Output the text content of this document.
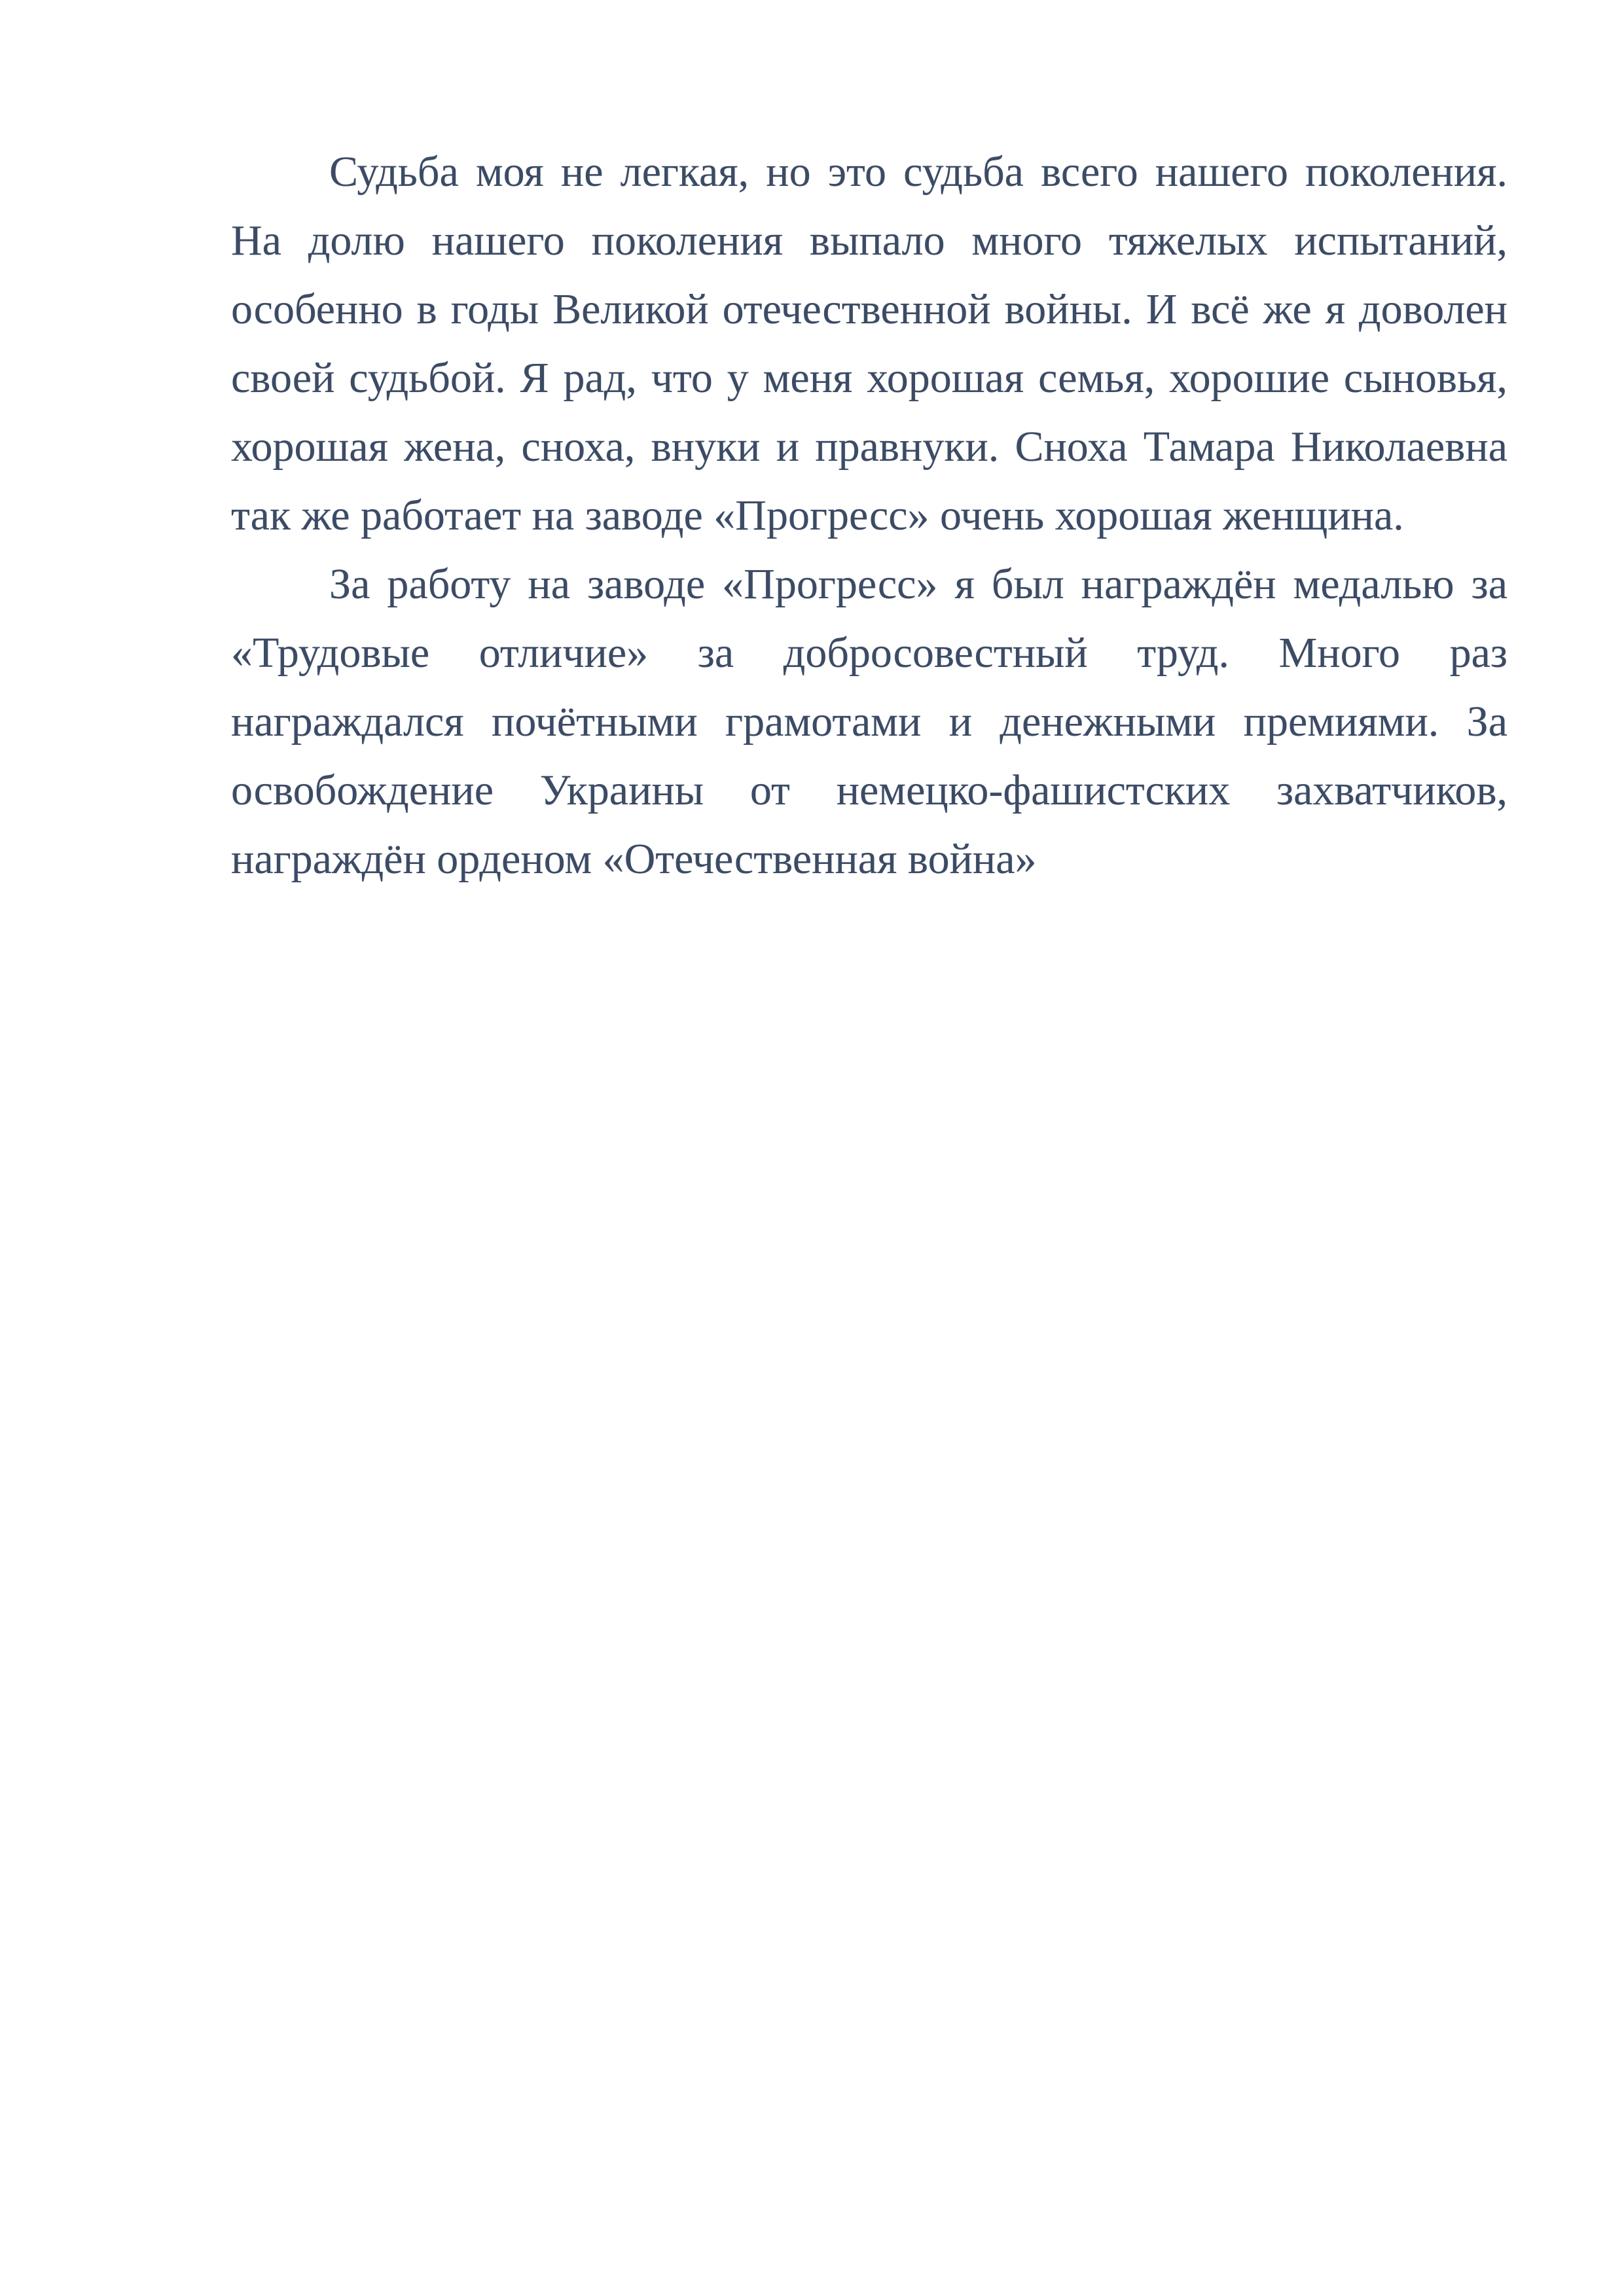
Судьба моя не легкая, но это судьба всего нашего поколения.
На долю нашего поколения выпало много тяжелых испытаний,
особенно в годы Великой отечественной войны. И всё же я доволен
своей судьбой. Я рад, что у меня хорошая семья, хорошие сыновья,
хорошая жена, сноха, внуки и правнуки. Сноха Тамара Николаевна
так же работает на заводе «Прогресс» очень хорошая женщина.
За работу на заводе «Прогресс» я был награждён медалью за
«Трудовые отличие» за добросовестный труд. Много раз
награждался почётными грамотами и денежными премиями. За
освобождение Украины от немецко-фашистских захватчиков,
награждён орденом «Отечественная война»
